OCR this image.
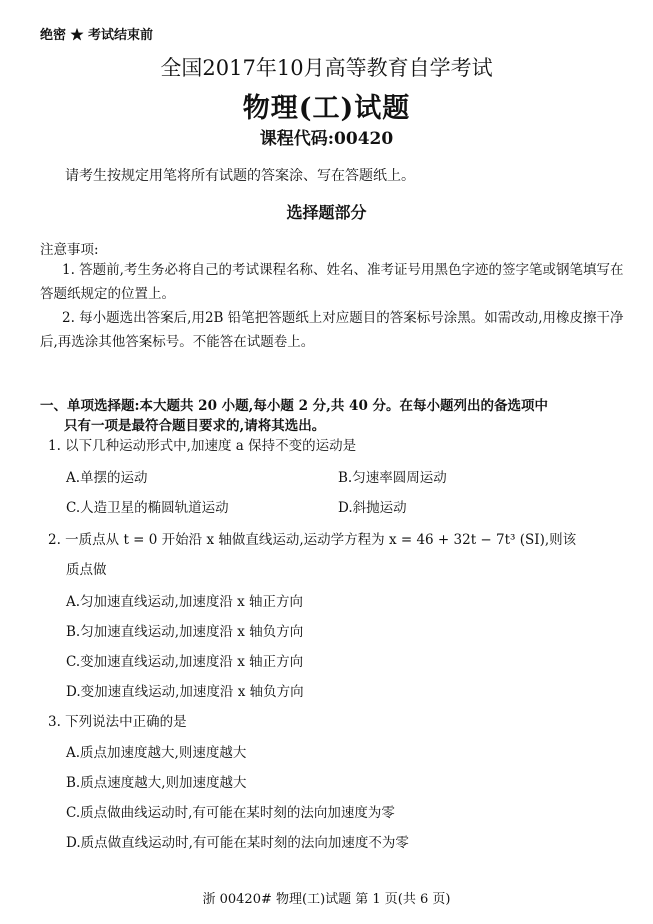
绝密 ★ 考试结束前
全国2017年10月高等教育自学考试
物理(工)试题
课程代码:00420
请考生按规定用笔将所有试题的答案涂、写在答题纸上。
选择题部分
注意事项:
1. 答题前,考生务必将自己的考试课程名称、姓名、准考证号用黑色字迹的签字笔或钢笔填写在答题纸规定的位置上。
2. 每小题选出答案后,用2B 铅笔把答题纸上对应题目的答案标号涂黑。如需改动,用橡皮擦干净后,再选涂其他答案标号。不能答在试题卷上。
一、单项选择题:本大题共 20 小题,每小题 2 分,共 40 分。在每小题列出的备选项中
只有一项是最符合题目要求的,请将其选出。
1. 以下几种运动形式中,加速度 a 保持不变的运动是
A.单摆的运动	B.匀速率圆周运动
C.人造卫星的椭圆轨道运动	D.斜抛运动
2. 一质点从 t = 0 开始沿 x 轴做直线运动,运动学方程为 x = 46 + 32t − 7t³ (SI),则该
质点做
A.匀加速直线运动,加速度沿 x 轴正方向
B.匀加速直线运动,加速度沿 x 轴负方向
C.变加速直线运动,加速度沿 x 轴正方向
D.变加速直线运动,加速度沿 x 轴负方向
3. 下列说法中正确的是
A.质点加速度越大,则速度越大
B.质点速度越大,则加速度越大
C.质点做曲线运动时,有可能在某时刻的法向加速度为零
D.质点做直线运动时,有可能在某时刻的法向加速度不为零
浙 00420# 物理(工)试题 第 1 页(共 6 页)
